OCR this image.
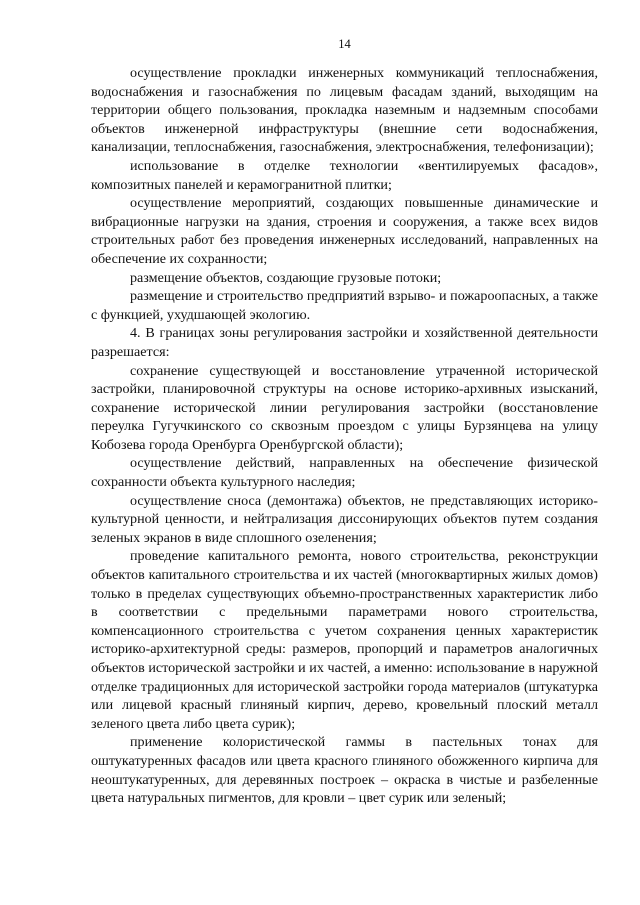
14

осуществление прокладки инженерных коммуникаций теплоснабжения, водоснабжения и газоснабжения по лицевым фасадам зданий, выходящим на территории общего пользования, прокладка наземным и надземным способами объектов инженерной инфраструктуры (внешние сети водоснабжения, канализации, теплоснабжения, газоснабжения, электроснабжения, телефонизации);

использование в отделке технологии «вентилируемых фасадов», композитных панелей и керамогранитной плитки;

осуществление мероприятий, создающих повышенные динамические и вибрационные нагрузки на здания, строения и сооружения, а также всех видов строительных работ без проведения инженерных исследований, направленных на обеспечение их сохранности;

размещение объектов, создающие грузовые потоки;

размещение и строительство предприятий взрыво- и пожароопасных, а также с функцией, ухудшающей экологию.

4. В границах зоны регулирования застройки и хозяйственной деятельности разрешается:

сохранение существующей и восстановление утраченной исторической застройки, планировочной структуры на основе историко-архивных изысканий, сохранение исторической линии регулирования застройки (восстановление переулка Гугучкинского со сквозным проездом с улицы Бурзянцева на улицу Кобозева города Оренбурга Оренбургской области);

осуществление действий, направленных на обеспечение физической сохранности объекта культурного наследия;

осуществление сноса (демонтажа) объектов, не представляющих историко-культурной ценности, и нейтрализация диссонирующих объектов путем создания зеленых экранов в виде сплошного озеленения;

проведение капитального ремонта, нового строительства, реконструкции объектов капитального строительства и их частей (многоквартирных жилых домов) только в пределах существующих объемно-пространственных характеристик либо в соответствии с предельными параметрами нового строительства, компенсационного строительства с учетом сохранения ценных характеристик историко-архитектурной среды: размеров, пропорций и параметров аналогичных объектов исторической застройки и их частей, а именно: использование в наружной отделке традиционных для исторической застройки города материалов (штукатурка или лицевой красный глиняный кирпич, дерево, кровельный плоский металл зеленого цвета либо цвета сурик);

применение колористической гаммы в пастельных тонах для оштукатуренных фасадов или цвета красного глиняного обожженного кирпича для неоштукатуренных, для деревянных построек – окраска в чистые и разбеленные цвета натуральных пигментов, для кровли – цвет сурик или зеленый;
